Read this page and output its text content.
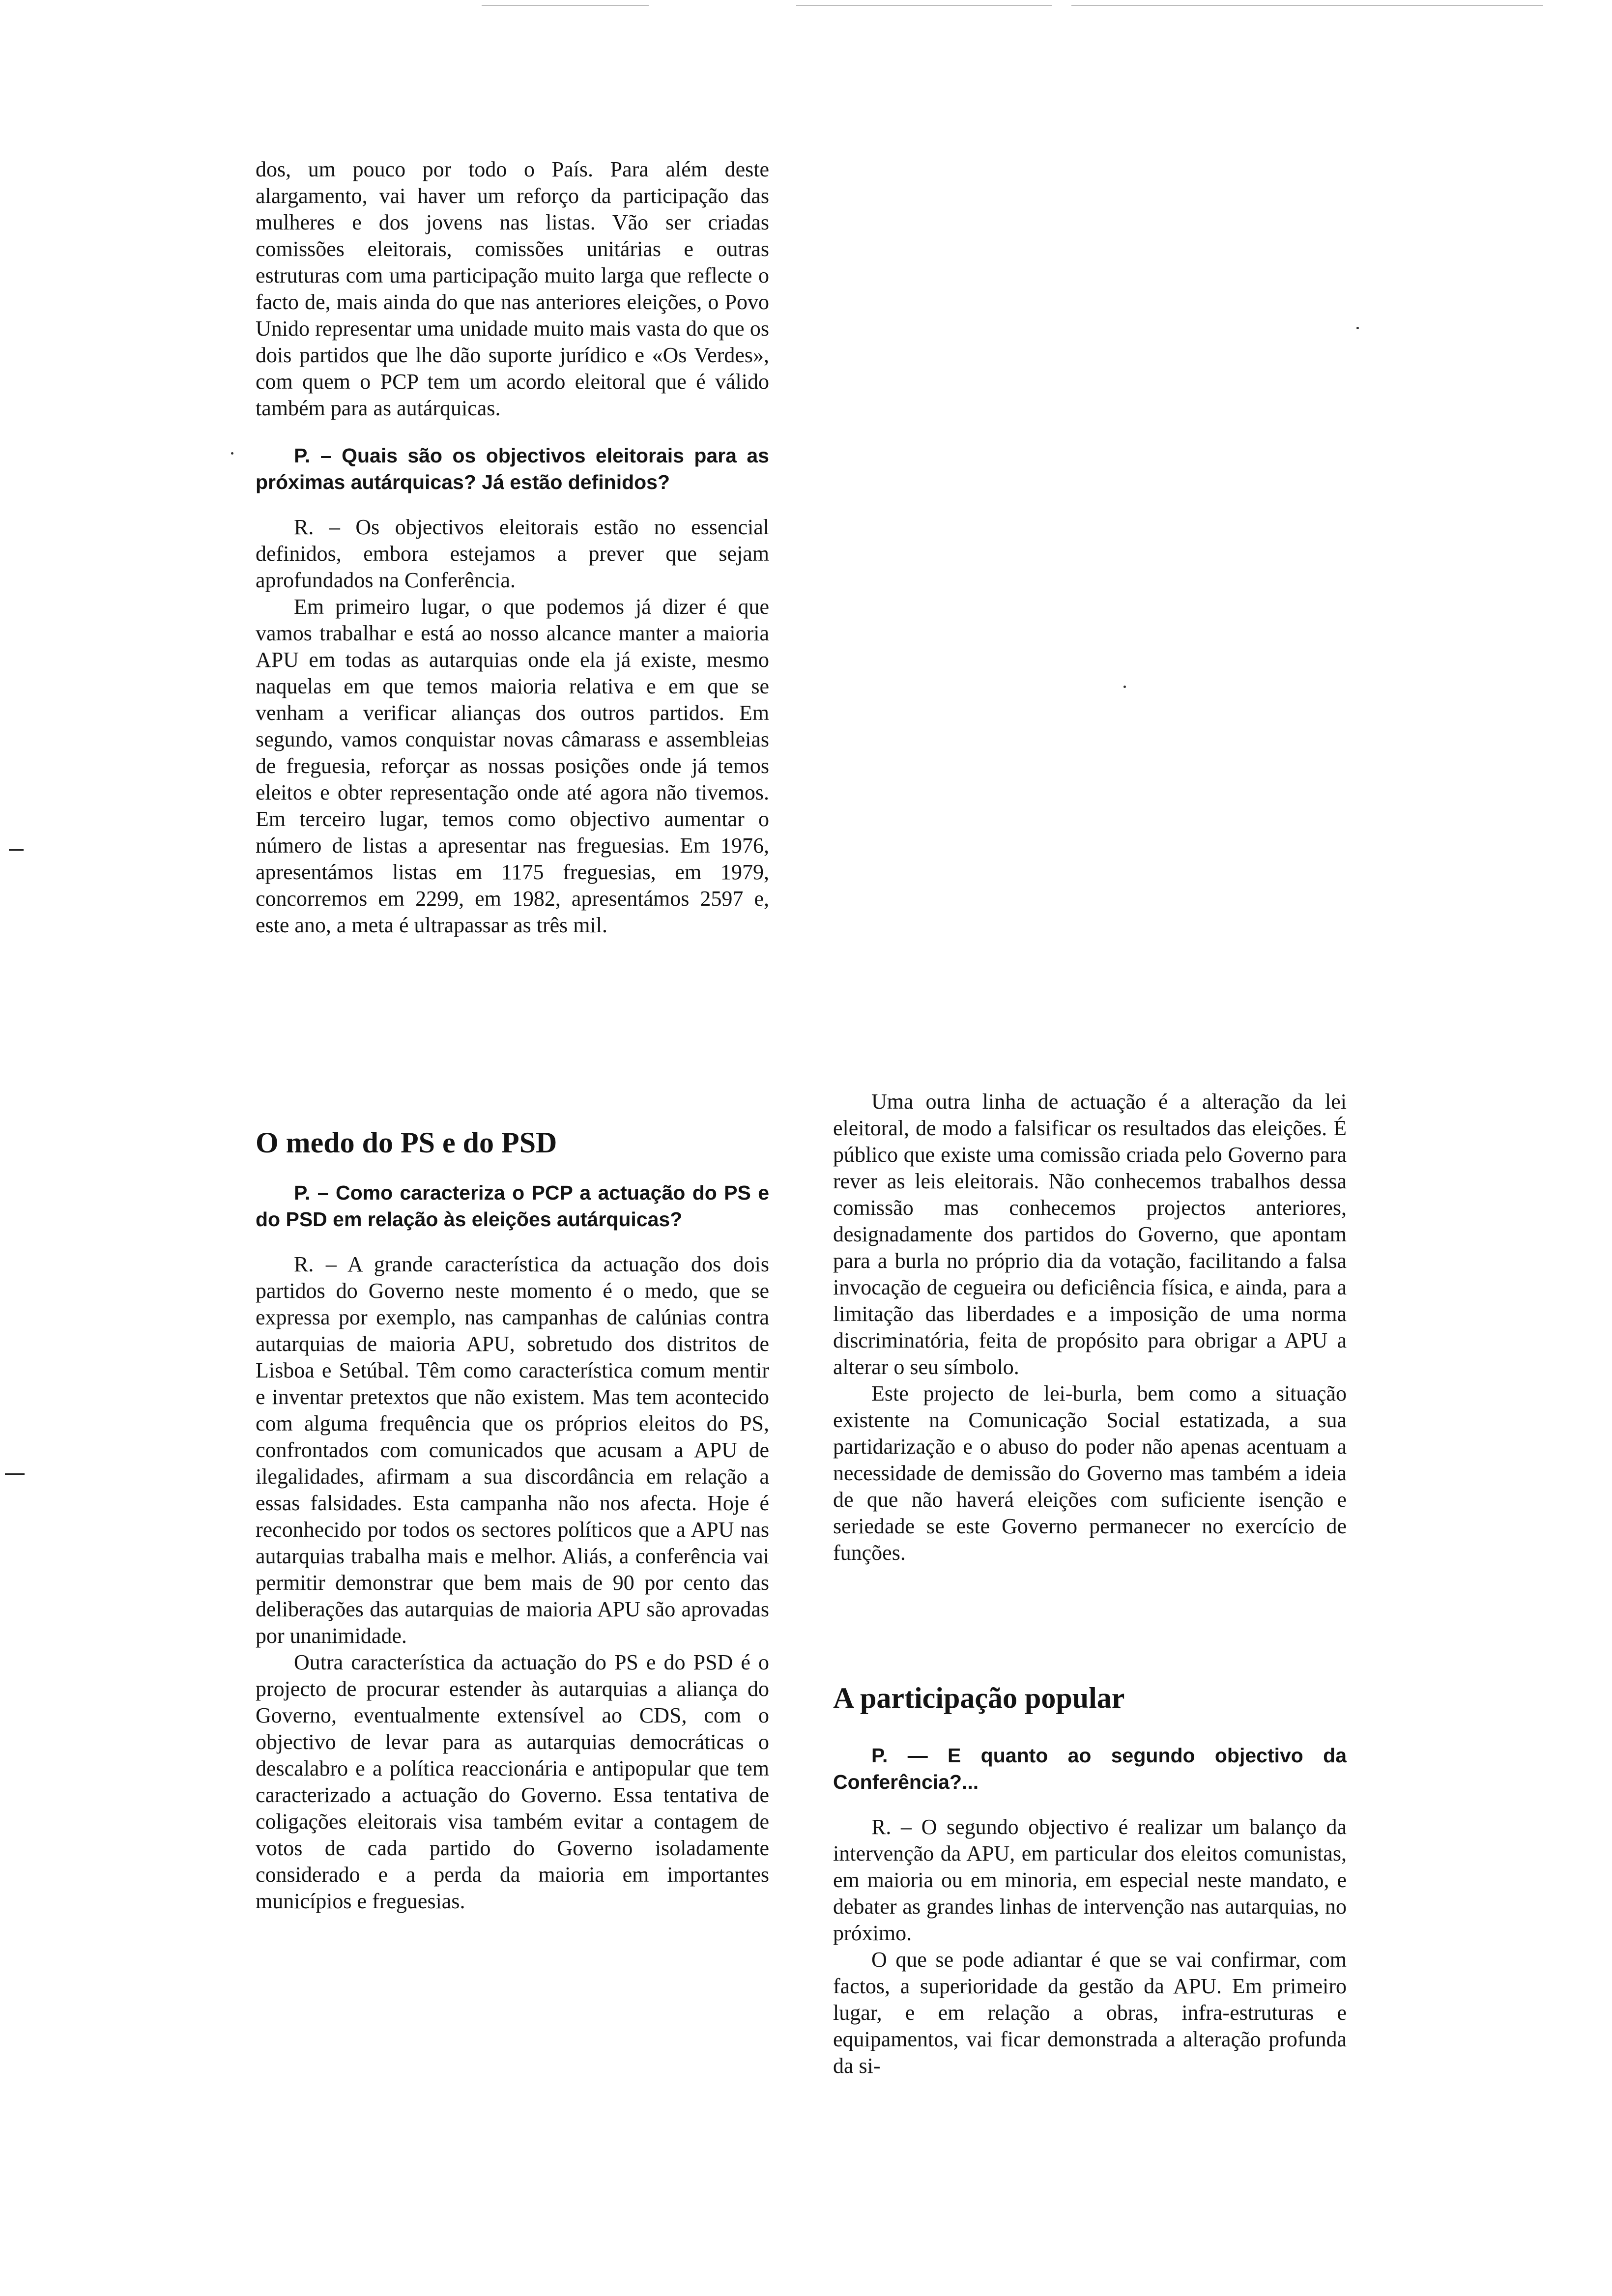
dos, um pouco por todo o País. Para além deste alargamento, vai haver um reforço da participação das mulheres e dos jovens nas listas. Vão ser criadas comissões eleitorais, comissões unitárias e outras estruturas com uma participação muito larga que reflecte o facto de, mais ainda do que nas anteriores eleições, o Povo Unido representar uma unidade muito mais vasta do que os dois partidos que lhe dão suporte jurídico e «Os Verdes», com quem o PCP tem um acordo eleitoral que é válido também para as autárquicas.

P. – Quais são os objectivos eleitorais para as próximas autárquicas? Já estão definidos?

R. – Os objectivos eleitorais estão no essencial definidos, embora estejamos a prever que sejam aprofundados na Conferência.

Em primeiro lugar, o que podemos já dizer é que vamos trabalhar e está ao nosso alcance manter a maioria APU em todas as autarquias onde ela já existe, mesmo naquelas em que temos maioria relativa e em que se venham a verificar alianças dos outros partidos. Em segundo, vamos conquistar novas câmarass e assembleias de freguesia, reforçar as nossas posições onde já temos eleitos e obter representação onde até agora não tivemos. Em terceiro lugar, temos como objectivo aumentar o número de listas a apresentar nas freguesias. Em 1976, apresentámos listas em 1175 freguesias, em 1979, concorremos em 2299, em 1982, apresentámos 2597 e, este ano, a meta é ultrapassar as três mil.

O medo do PS e do PSD

P. – Como caracteriza o PCP a actuação do PS e do PSD em relação às eleições autárquicas?

R. – A grande característica da actuação dos dois partidos do Governo neste momento é o medo, que se expressa por exemplo, nas campanhas de calúnias contra autarquias de maioria APU, sobretudo dos distritos de Lisboa e Setúbal. Têm como característica comum mentir e inventar pretextos que não existem. Mas tem acontecido com alguma frequência que os próprios eleitos do PS, confrontados com comunicados que acusam a APU de ilegalidades, afirmam a sua discordância em relação a essas falsidades. Esta campanha não nos afecta. Hoje é reconhecido por todos os sectores políticos que a APU nas autarquias trabalha mais e melhor. Aliás, a conferência vai permitir demonstrar que bem mais de 90 por cento das deliberações das autarquias de maioria APU são aprovadas por unanimidade.

Outra característica da actuação do PS e do PSD é o projecto de procurar estender às autarquias a aliança do Governo, eventualmente extensível ao CDS, com o objectivo de levar para as autarquias democráticas o descalabro e a política reaccionária e antipopular que tem caracterizado a actuação do Governo. Essa tentativa de coligações eleitorais visa também evitar a contagem de votos de cada partido do Governo isoladamente considerado e a perda da maioria em importantes municípios e freguesias.

Uma outra linha de actuação é a alteração da lei eleitoral, de modo a falsificar os resultados das eleições. É público que existe uma comissão criada pelo Governo para rever as leis eleitorais. Não conhecemos trabalhos dessa comissão mas conhecemos projectos anteriores, designadamente dos partidos do Governo, que apontam para a burla no próprio dia da votação, facilitando a falsa invocação de cegueira ou deficiência física, e ainda, para a limitação das liberdades e a imposição de uma norma discriminatória, feita de propósito para obrigar a APU a alterar o seu símbolo.

Este projecto de lei-burla, bem como a situação existente na Comunicação Social estatizada, a sua partidarização e o abuso do poder não apenas acentuam a necessidade de demissão do Governo mas também a ideia de que não haverá eleições com suficiente isenção e seriedade se este Governo permanecer no exercício de funções.

A participação popular

P. — E quanto ao segundo objectivo da Conferência?...

R. – O segundo objectivo é realizar um balanço da intervenção da APU, em particular dos eleitos comunistas, em maioria ou em minoria, em especial neste mandato, e debater as grandes linhas de intervenção nas autarquias, no próximo.

O que se pode adiantar é que se vai confirmar, com factos, a superioridade da gestão da APU. Em primeiro lugar, e em relação a obras, infra-estruturas e equipamentos, vai ficar demonstrada a alteração profunda da si-
